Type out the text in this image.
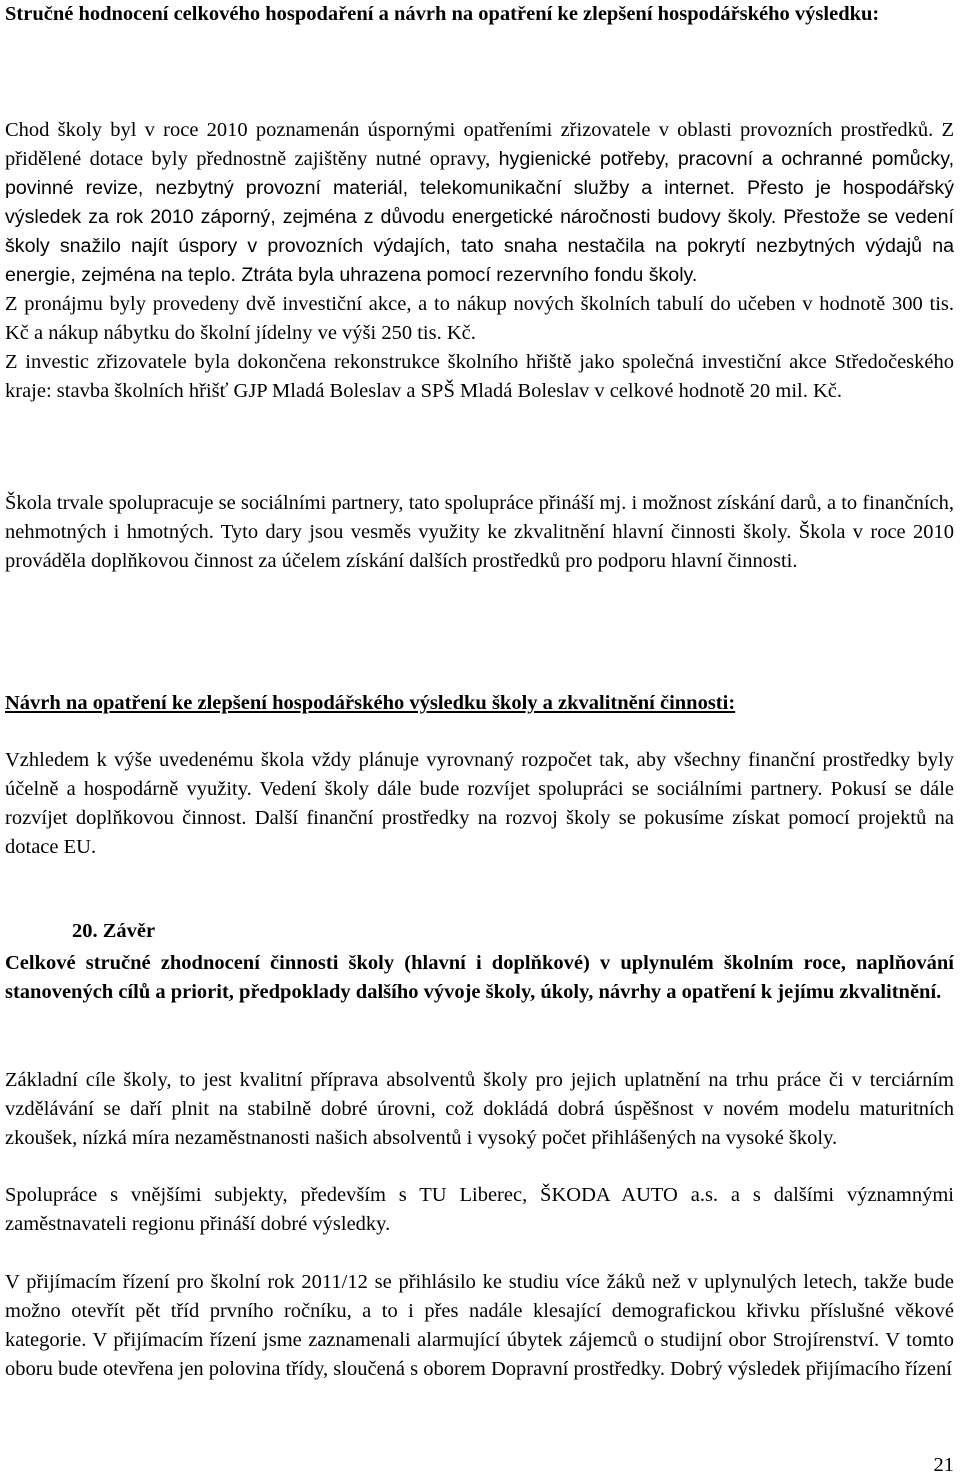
Stručné hodnocení celkového hospodaření a návrh na opatření ke zlepšení hospodářského výsledku:

Chod školy byl v roce 2010 poznamenán úspornými opatřeními zřizovatele v oblasti provozních prostředků. Z přidělené dotace byly přednostně zajištěny nutné opravy, hygienické potřeby, pracovní a ochranné pomůcky, povinné revize, nezbytný provozní materiál, telekomunikační služby a internet. Přesto je hospodářský výsledek za rok 2010 záporný, zejména z důvodu energetické náročnosti budovy školy. Přestože se vedení školy snažilo najít úspory v provozních výdajích, tato snaha nestačila na pokrytí nezbytných výdajů na energie, zejména na teplo. Ztráta byla uhrazena pomocí rezervního fondu školy.
Z pronájmu byly provedeny dvě investiční akce, a to nákup nových školních tabulí do učeben v hodnotě 300 tis. Kč a nákup nábytku do školní jídelny ve výši 250 tis. Kč.
Z investic zřizovatele byla dokončena rekonstrukce školního hřiště jako společná investiční akce Středočeského kraje: stavba školních hřišť GJP Mladá Boleslav a SPŠ Mladá Boleslav v celkové hodnotě 20 mil. Kč.

Škola trvale spolupracuje se sociálními partnery, tato spolupráce přináší mj. i možnost získání darů, a to finančních, nehmotných i hmotných. Tyto dary jsou vesměs využity ke zkvalitnění hlavní činnosti školy. Škola v roce 2010 prováděla doplňkovou činnost za účelem získání dalších prostředků pro podporu hlavní činnosti.

Návrh na opatření ke zlepšení hospodářského výsledku školy a zkvalitnění činnosti:

Vzhledem k výše uvedenému škola vždy plánuje vyrovnaný rozpočet tak, aby všechny finanční prostředky byly účelně a hospodárně využity. Vedení školy dále bude rozvíjet spolupráci se sociálními partnery. Pokusí se dále rozvíjet doplňkovou činnost. Další finanční prostředky na rozvoj školy se pokusíme získat pomocí projektů na dotace EU.

20. Závěr

Celkové stručné zhodnocení činnosti školy (hlavní i doplňkové) v uplynulém školním roce, naplňování stanovených cílů a priorit, předpoklady dalšího vývoje školy, úkoly, návrhy a opatření k jejímu zkvalitnění.

Základní cíle školy, to jest kvalitní příprava absolventů školy pro jejich uplatnění na trhu práce či v terciárním vzdělávání se daří plnit na stabilně dobré úrovni, což dokládá dobrá úspěšnost v novém modelu maturitních zkoušek, nízká míra nezaměstnanosti našich absolventů i vysoký počet přihlášených na vysoké školy.

Spolupráce s vnějšími subjekty, především s TU Liberec, ŠKODA AUTO a.s. a s dalšími významnými zaměstnavateli regionu přináší dobré výsledky.

V přijímacím řízení pro školní rok 2011/12 se přihlásilo ke studiu více žáků než v uplynulých letech, takže bude možno otevřít pět tříd prvního ročníku, a to i přes nadále klesající demografickou křivku příslušné věkové kategorie. V přijímacím řízení jsme zaznamenali alarmující úbytek zájemců o studijní obor Strojírenství. V tomto oboru bude otevřena jen polovina třídy, sloučená s oborem Dopravní prostředky. Dobrý výsledek přijímacího řízení

21
